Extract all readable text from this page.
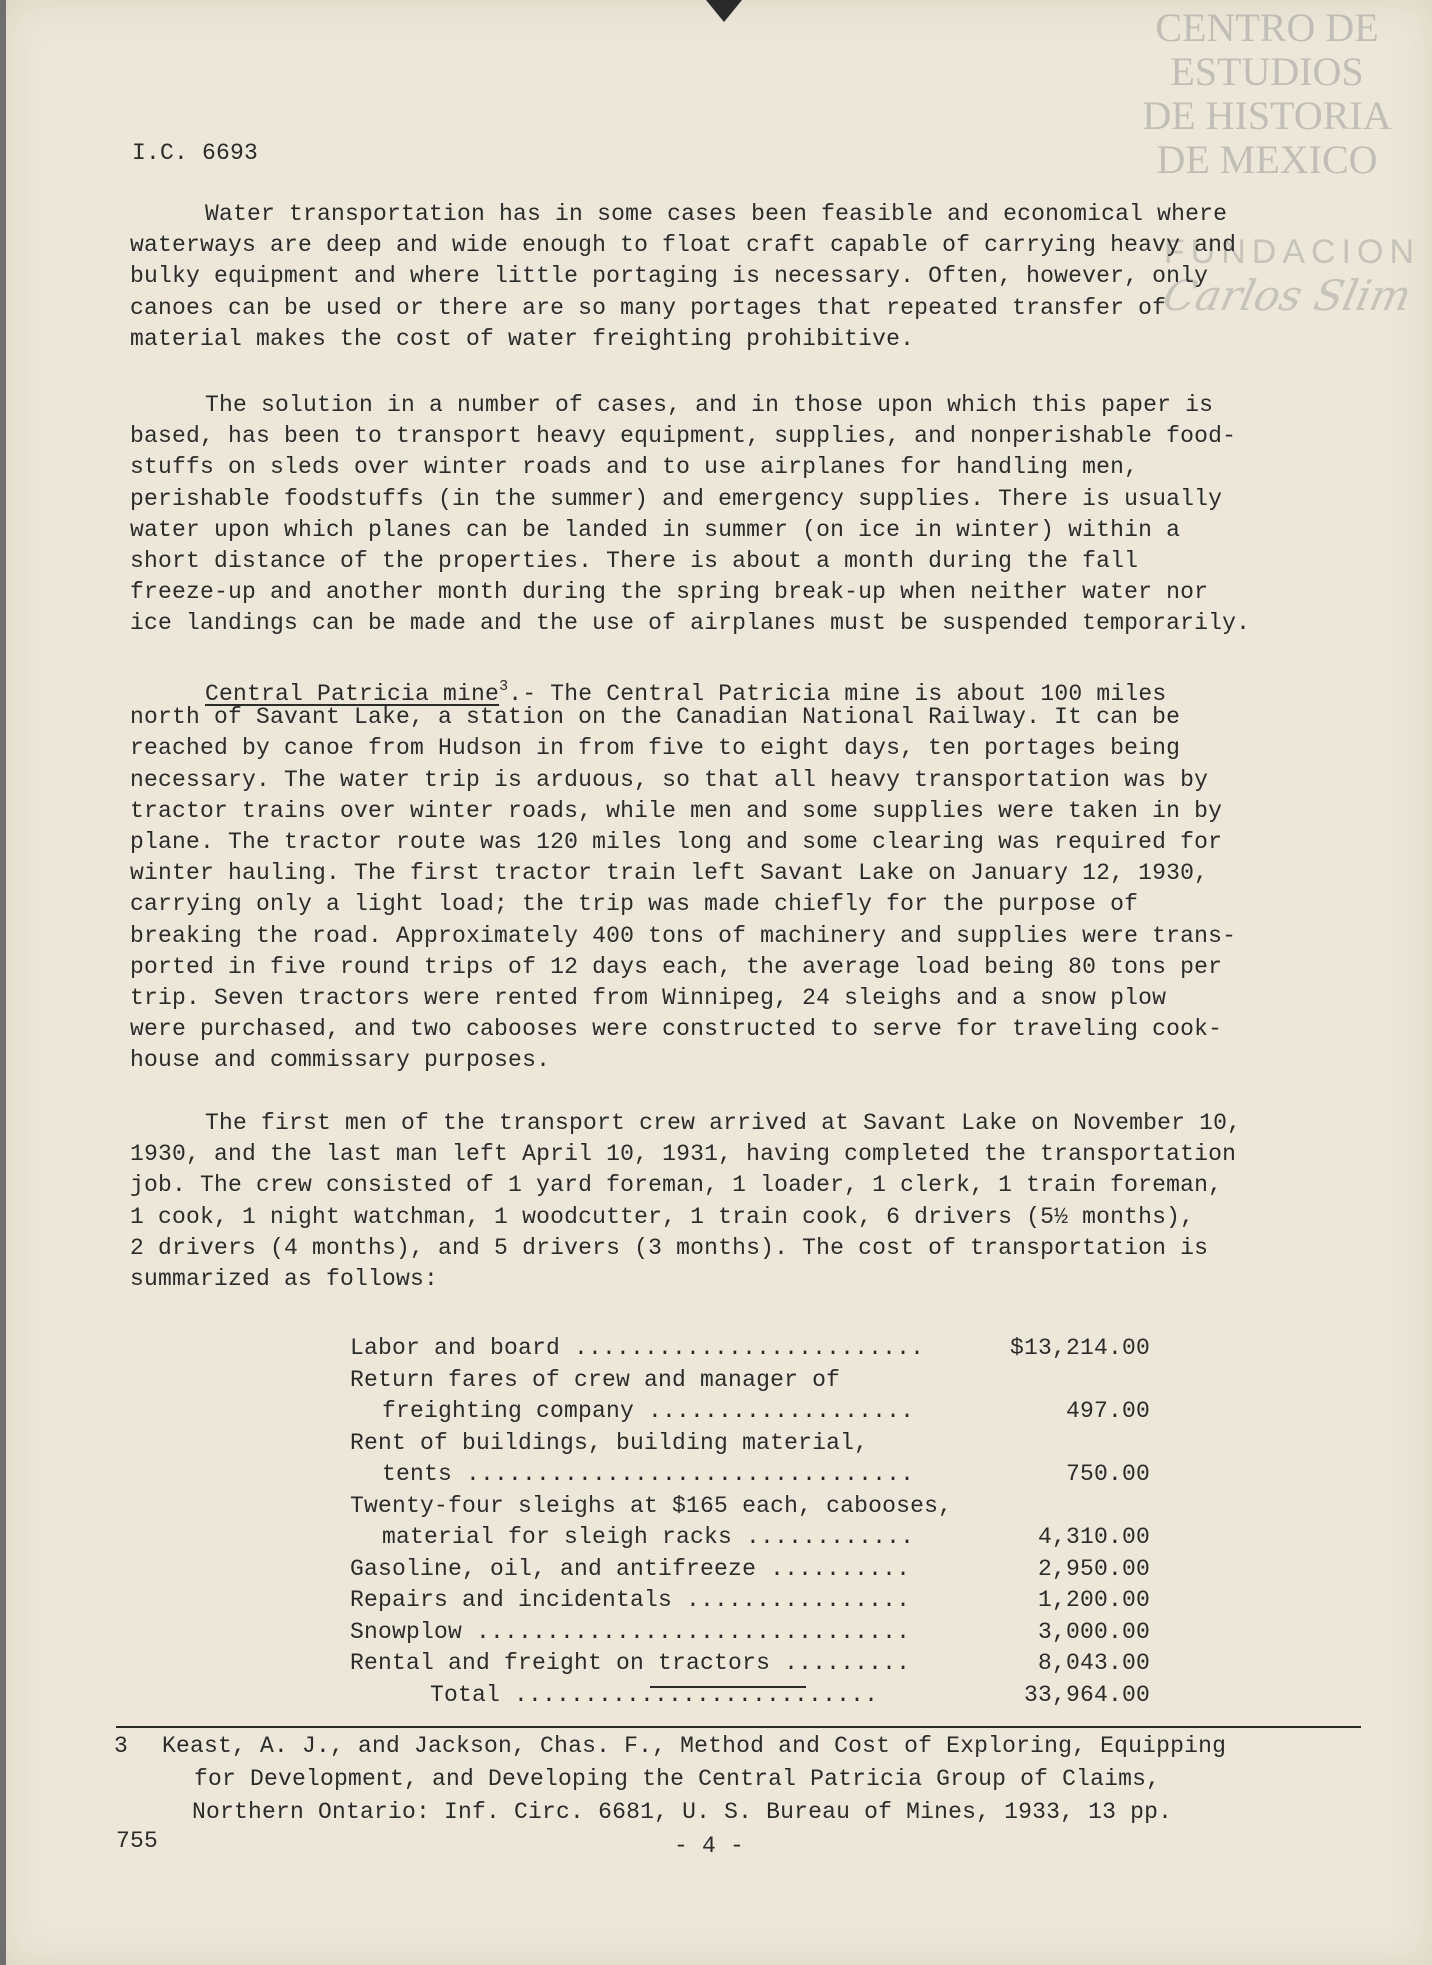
CENTRO DE
ESTUDIOS
DE HISTORIA
DE MEXICO
FUNDACION
Carlos Slim
I.C. 6693
Water transportation has in some cases been feasible and economical where
waterways are deep and wide enough to float craft capable of carrying heavy and
bulky equipment and where little portaging is necessary. Often, however, only
canoes can be used or there are so many portages that repeated transfer of
material makes the cost of water freighting prohibitive.
The solution in a number of cases, and in those upon which this paper is
based, has been to transport heavy equipment, supplies, and nonperishable food-
stuffs on sleds over winter roads and to use airplanes for handling men,
perishable foodstuffs (in the summer) and emergency supplies. There is usually
water upon which planes can be landed in summer (on ice in winter) within a
short distance of the properties. There is about a month during the fall
freeze-up and another month during the spring break-up when neither water nor
ice landings can be made and the use of airplanes must be suspended temporarily.
Central Patricia mine$^3$.- The Central Patricia mine is about 100 miles
north of Savant Lake, a station on the Canadian National Railway. It can be
reached by canoe from Hudson in from five to eight days, ten portages being
necessary. The water trip is arduous, so that all heavy transportation was by
tractor trains over winter roads, while men and some supplies were taken in by
plane. The tractor route was 120 miles long and some clearing was required for
winter hauling. The first tractor train left Savant Lake on January 12, 1930,
carrying only a light load; the trip was made chiefly for the purpose of
breaking the road. Approximately 400 tons of machinery and supplies were trans-
ported in five round trips of 12 days each, the average load being 80 tons per
trip. Seven tractors were rented from Winnipeg, 24 sleighs and a snow plow
were purchased, and two cabooses were constructed to serve for traveling cook-
house and commissary purposes.
The first men of the transport crew arrived at Savant Lake on November 10,
1930, and the last man left April 10, 1931, having completed the transportation
job. The crew consisted of 1 yard foreman, 1 loader, 1 clerk, 1 train foreman,
1 cook, 1 night watchman, 1 woodcutter, 1 train cook, 6 drivers (5½ months),
2 drivers (4 months), and 5 drivers (3 months). The cost of transportation is
summarized as follows:
Labor and board .........................	$13,214.00
Return fares of crew and manager of
freighting company ...................	497.00
Rent of buildings, building material,
tents ................................	750.00
Twenty-four sleighs at $165 each, cabooses,
material for sleigh racks ............	4,310.00
Gasoline, oil, and antifreeze ..........	2,950.00
Repairs and incidentals ................	1,200.00
Snowplow ...............................	3,000.00
Rental and freight on tractors .........	8,043.00
Total ..........................	33,964.00
3 Keast, A. J., and Jackson, Chas. F., Method and Cost of Exploring, Equipping
for Development, and Developing the Central Patricia Group of Claims,
Northern Ontario: Inf. Circ. 6681, U. S. Bureau of Mines, 1933, 13 pp.
755	- 4 -
